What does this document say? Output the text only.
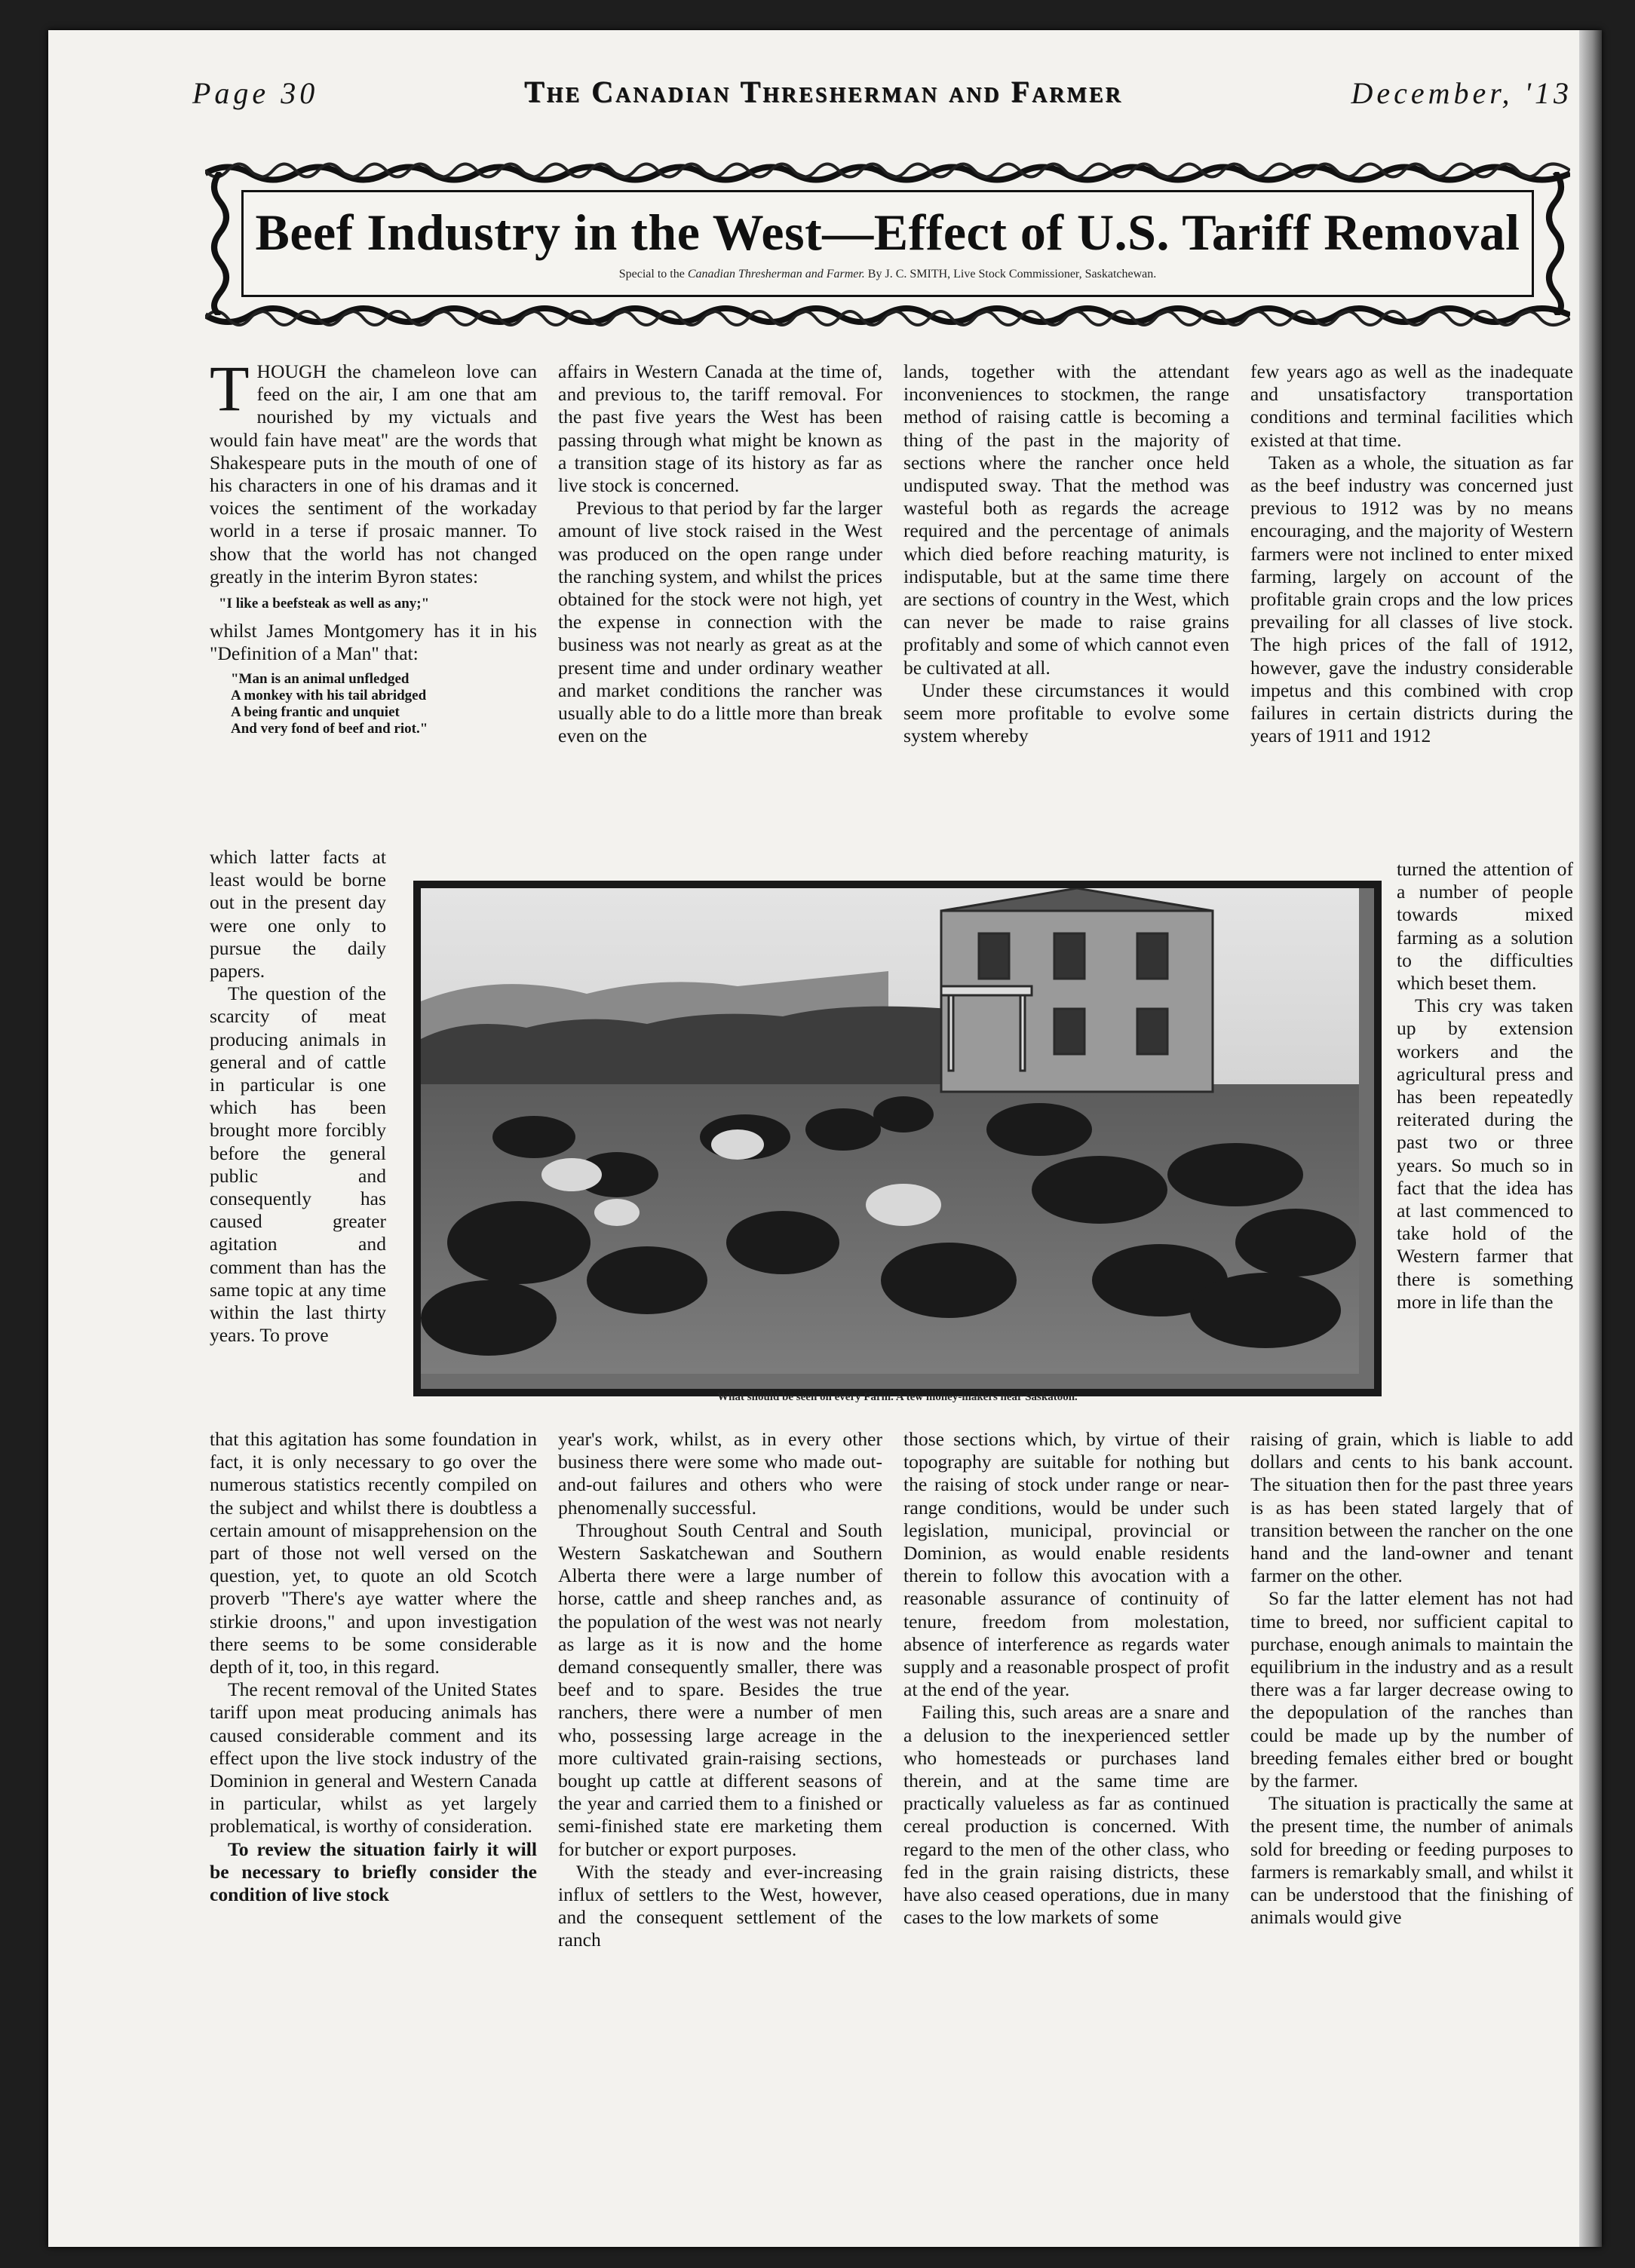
Page 30	The Canadian Thresherman and Farmer	December, '13
Beef Industry in the West—Effect of U.S. Tariff Removal
Special to the Canadian Thresherman and Farmer. By J. C. SMITH, Live Stock Commissioner, Saskatchewan.

THOUGH the chameleon love can feed on the air, I am one that am nourished by my victuals and would fain have meat" are the words that Shakespeare puts in the mouth of one of his characters in one of his dramas and it voices the sentiment of the workaday world in a terse if prosaic manner. To show that the world has not changed greatly in the interim Byron states:

"I like a beefsteak as well as any;"

whilst James Montgomery has it in his "Definition of a Man" that:

"Man is an animal unfledged
A monkey with his tail abridged
A being frantic and unquiet
And very fond of beef and riot."

which latter facts at least would be borne out in the present day were one only to pursue the daily papers.

The question of the scarcity of meat producing animals in general and of cattle in particular is one which has been brought more forcibly before the general public and consequently has caused greater agitation and comment than has the same topic at any time within the last thirty years. To prove

that this agitation has some foundation in fact, it is only necessary to go over the numerous statistics recently compiled on the subject and whilst there is doubtless a certain amount of misapprehension on the part of those not well versed on the question, yet, to quote an old Scotch proverb "There's aye watter where the stirkie droons," and upon investigation there seems to be some considerable depth of it, too, in this regard.

The recent removal of the United States tariff upon meat producing animals has caused considerable comment and its effect upon the live stock industry of the Dominion in general and Western Canada in particular, whilst as yet largely problematical, is worthy of consideration.

To review the situation fairly it will be necessary to briefly consider the condition of live stock

affairs in Western Canada at the time of, and previous to, the tariff removal. For the past five years the West has been passing through what might be known as a transition stage of its history as far as live stock is concerned.

Previous to that period by far the larger amount of live stock raised in the West was produced on the open range under the ranching system, and whilst the prices obtained for the stock were not high, yet the expense in connection with the business was not nearly as great as at the present time and under ordinary weather and market conditions the rancher was usually able to do a little more than break even on the

year's work, whilst, as in every other business there were some who made out-and-out failures and others who were phenomenally successful.

Throughout South Central and South Western Saskatchewan and Southern Alberta there were a large number of horse, cattle and sheep ranches and, as the population of the west was not nearly as large as it is now and the home demand consequently smaller, there was beef and to spare. Besides the true ranchers, there were a number of men who, possessing large acreage in the more cultivated grain-raising sections, bought up cattle at different seasons of the year and carried them to a finished or semi-finished state ere marketing them for butcher or export purposes.

With the steady and ever-increasing influx of settlers to the West, however, and the consequent settlement of the ranch

lands, together with the attendant inconveniences to stockmen, the range method of raising cattle is becoming a thing of the past in the majority of sections where the rancher once held undisputed sway. That the method was wasteful both as regards the acreage required and the percentage of animals which died before reaching maturity, is indisputable, but at the same time there are sections of country in the West, which can never be made to raise grains profitably and some of which cannot even be cultivated at all.

Under these circumstances it would seem more profitable to evolve some system whereby

those sections which, by virtue of their topography are suitable for nothing but the raising of stock under range or near-range conditions, would be under such legislation, municipal, provincial or Dominion, as would enable residents therein to follow this avocation with a reasonable assurance of continuity of tenure, freedom from molestation, absence of interference as regards water supply and a reasonable prospect of profit at the end of the year.

Failing this, such areas are a snare and a delusion to the inexperienced settler who homesteads or purchases land therein, and at the same time are practically valueless as far as continued cereal production is concerned. With regard to the men of the other class, who fed in the grain raising districts, these have also ceased operations, due in many cases to the low markets of some

few years ago as well as the inadequate and unsatisfactory transportation conditions and terminal facilities which existed at that time.

Taken as a whole, the situation as far as the beef industry was concerned just previous to 1912 was by no means encouraging, and the majority of Western farmers were not inclined to enter mixed farming, largely on account of the profitable grain crops and the low prices prevailing for all classes of live stock. The high prices of the fall of 1912, however, gave the industry considerable impetus and this combined with crop failures in certain districts during the years of 1911 and 1912

turned the attention of a number of people towards mixed farming as a solution to the difficulties which beset them.

This cry was taken up by extension workers and the agricultural press and has been repeatedly reiterated during the past two or three years. So much so in fact that the idea has at last commenced to take hold of the Western farmer that there is something more in life than the

raising of grain, which is liable to add dollars and cents to his bank account. The situation then for the past three years is as has been stated largely that of transition between the rancher on the one hand and the land-owner and tenant farmer on the other.

So far the latter element has not had time to breed, nor sufficient capital to purchase, enough animals to maintain the equilibrium in the industry and as a result there was a far larger decrease owing to the depopulation of the ranches than could be made up by the number of breeding females either bred or bought by the farmer.

The situation is practically the same at the present time, the number of animals sold for breeding or feeding purposes to farmers is remarkably small, and whilst it can be understood that the finishing of animals would give

What should be seen on every Farm. A tew money-makers near Saskatoon.
